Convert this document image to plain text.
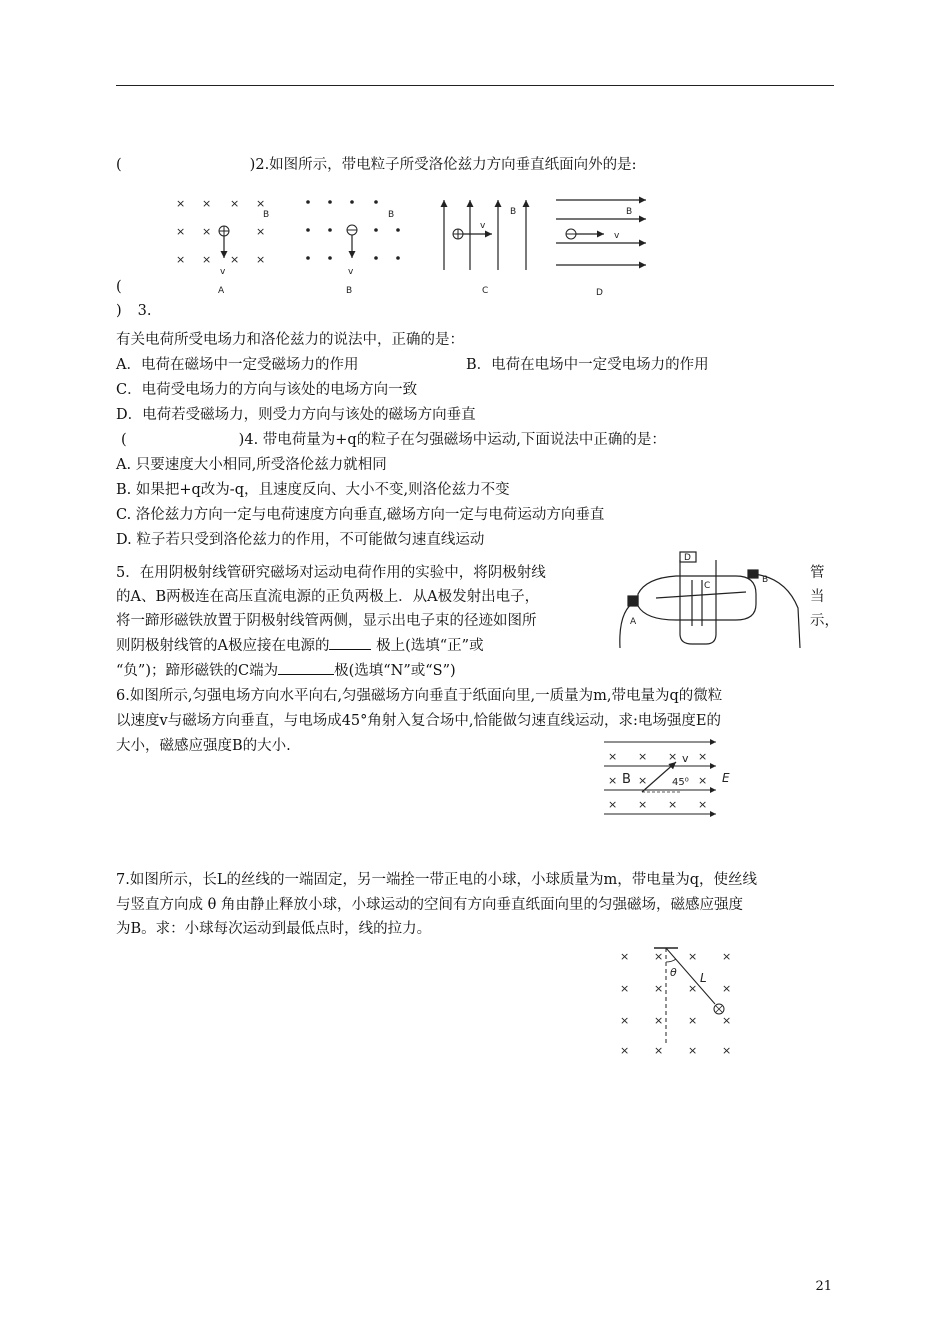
(	)2.如图所示，带电粒子所受洛伦兹力方向垂直纸面向外的是:
× × × ×
× ×	×
× × × ×
v
B
A
v
B
B
v
B
C
v
B
D
(
) 3.
有关电荷所受电场力和洛伦兹力的说法中，正确的是：
A．电荷在磁场中一定受磁场力的作用	B．电荷在电场中一定受电场力的作用
C．电荷受电场力的方向与该处的电场方向一致
D．电荷若受磁场力，则受力方向与该处的磁场方向垂直
(	)4. 带电荷量为+q的粒子在匀强磁场中运动,下面说法中正确的是：
A. 只要速度大小相同,所受洛伦兹力就相同
B. 如果把+q改为-q，且速度反向、大小不变,则洛伦兹力不变
C. 洛伦兹力方向一定与电荷速度方向垂直,磁场方向一定与电荷运动方向垂直
D. 粒子若只受到洛伦兹力的作用，不可能做匀速直线运动
5．在用阴极射线管研究磁场对运动电荷作用的实验中，将阴极射线	管
的A、B两极连在高压直流电源的正负两极上．从A极发射出电子，	当
将一蹄形磁铁放置于阴极射线管两侧，显示出电子束的径迹如图所	示，
则阴极射线管的A极应接在电源的	极上(选填“正”或
“负”)；蹄形磁铁的C端为	极(选填“N”或“S”)
A
B
C
D
6.如图所示,匀强电场方向水平向右,匀强磁场方向垂直于纸面向里,一质量为m,带电量为q的微粒
以速度v与磁场方向垂直，与电场成45°角射入复合场中,恰能做匀速直线运动，求:电场强度E的
大小，磁感应强度B的大小.
× × × ×
× ×	×
× × × ×
B
v
E
45⁰
7.如图所示，长L的丝线的一端固定，另一端拴一带正电的小球，小球质量为m，带电量为q，使丝线
与竖直方向成 θ 角由静止释放小球，小球运动的空间有方向垂直纸面向里的匀强磁场，磁感应强度
为B。求：小球每次运动到最低点时，线的拉力。
× × × ×
× × × ×
× × × ×
× × × ×
θ L
21
